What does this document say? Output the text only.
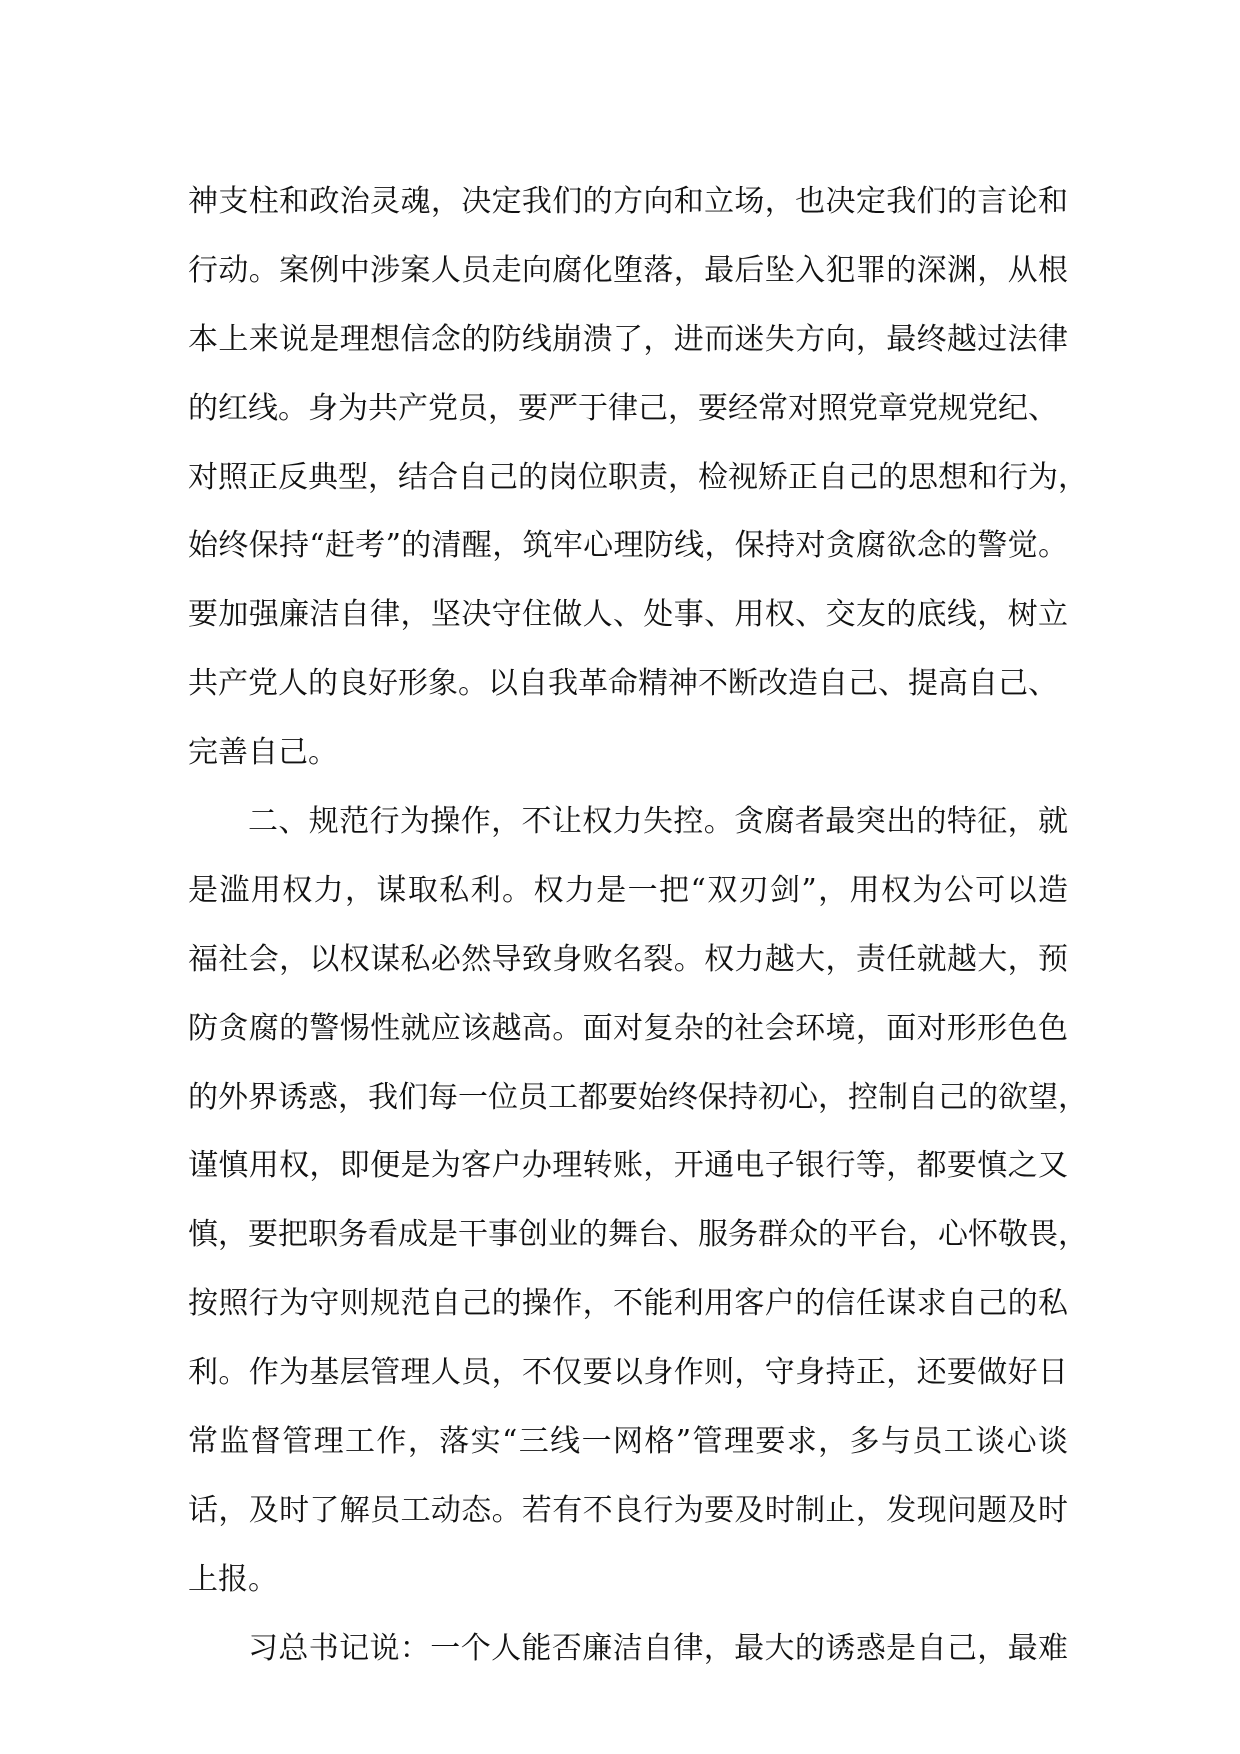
神支柱和政治灵魂，决定我们的方向和立场，也决定我们的言论和
行动。案例中涉案人员走向腐化堕落，最后坠入犯罪的深渊，从根
本上来说是理想信念的防线崩溃了，进而迷失方向，最终越过法律
的红线。身为共产党员，要严于律己，要经常对照党章党规党纪、
对照正反典型，结合自己的岗位职责，检视矫正自己的思想和行为，
始终保持“赶考”的清醒，筑牢心理防线，保持对贪腐欲念的警觉。
要加强廉洁自律，坚决守住做人、处事、用权、交友的底线，树立
共产党人的良好形象。以自我革命精神不断改造自己、提高自己、
完善自己。
二、规范行为操作，不让权力失控。贪腐者最突出的特征，就
是滥用权力，谋取私利。权力是一把“双刃剑”，用权为公可以造
福社会，以权谋私必然导致身败名裂。权力越大，责任就越大，预
防贪腐的警惕性就应该越高。面对复杂的社会环境，面对形形色色
的外界诱惑，我们每一位员工都要始终保持初心，控制自己的欲望，
谨慎用权，即便是为客户办理转账，开通电子银行等，都要慎之又
慎，要把职务看成是干事创业的舞台、服务群众的平台，心怀敬畏，
按照行为守则规范自己的操作，不能利用客户的信任谋求自己的私
利。作为基层管理人员，不仅要以身作则，守身持正，还要做好日
常监督管理工作，落实“三线一网格”管理要求，多与员工谈心谈
话，及时了解员工动态。若有不良行为要及时制止，发现问题及时
上报。
习总书记说：一个人能否廉洁自律，最大的诱惑是自己，最难
